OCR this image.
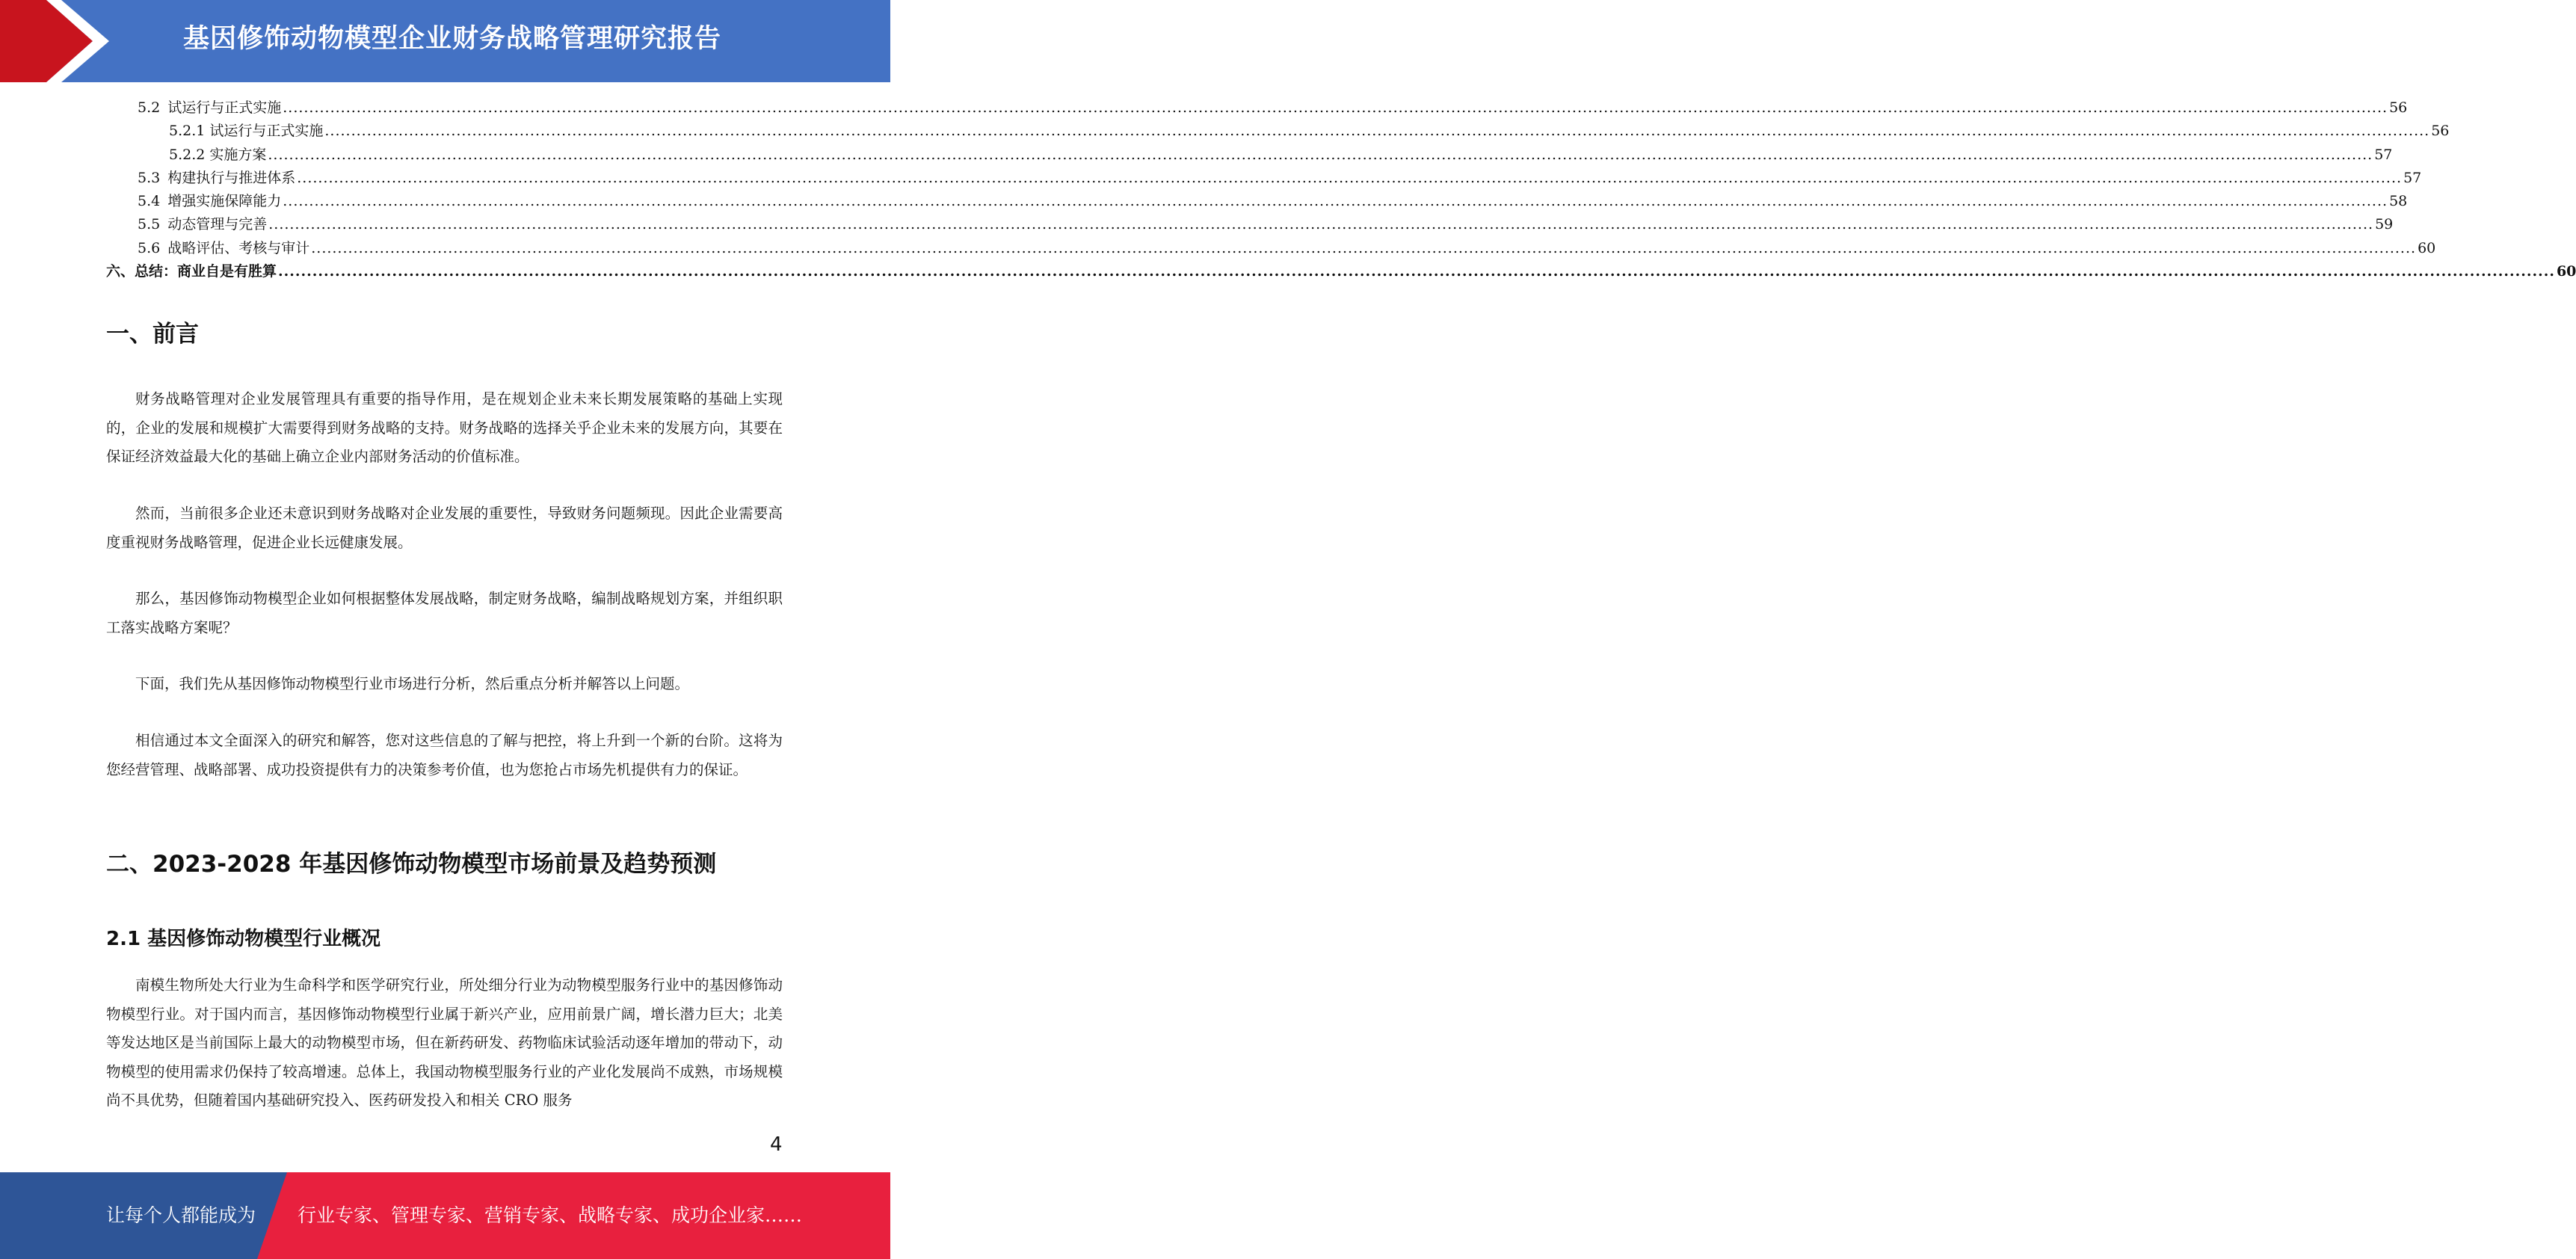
基因修饰动物模型企业财务战略管理研究报告
5.2 试运行与正式实施 ................................................................................................................................................................................................................................................................................................................................................................................................................ 56
5.2.1 试运行与正式实施 ................................................................................................................................................................................................................................................................................................................................................................................................................ 56
5.2.2 实施方案 ................................................................................................................................................................................................................................................................................................................................................................................................................ 57
5.3 构建执行与推进体系 ................................................................................................................................................................................................................................................................................................................................................................................................................ 57
5.4 增强实施保障能力 ................................................................................................................................................................................................................................................................................................................................................................................................................ 58
5.5 动态管理与完善 ................................................................................................................................................................................................................................................................................................................................................................................................................ 59
5.6 战略评估、考核与审计 ................................................................................................................................................................................................................................................................................................................................................................................................................ 60
六、 总结：商业自是有胜算 ................................................................................................................................................................................................................................................................................................................................................................................................................ 60
一、前言

财务战略管理对企业发展管理具有重要的指导作用，是在规划企业未来长期发展策略的基础上实现的，企业的发展和规模扩大需要得到财务战略的支持。财务战略的选择关乎企业未来的发展方向，其要在保证经济效益最大化的基础上确立企业内部财务活动的价值标准。

然而，当前很多企业还未意识到财务战略对企业发展的重要性，导致财务问题频现。因此企业需要高度重视财务战略管理，促进企业长远健康发展。

那么，基因修饰动物模型企业如何根据整体发展战略，制定财务战略，编制战略规划方案，并组织职工落实战略方案呢？

下面，我们先从基因修饰动物模型行业市场进行分析，然后重点分析并解答以上问题。

相信通过本文全面深入的研究和解答，您对这些信息的了解与把控，将上升到一个新的台阶。这将为您经营管理、战略部署、成功投资提供有力的决策参考价值，也为您抢占市场先机提供有力的保证。

二、2023-2028 年基因修饰动物模型市场前景及趋势预测
2.1 基因修饰动物模型行业概况

南模生物所处大行业为生命科学和医学研究行业，所处细分行业为动物模型服务行业中的基因修饰动物模型行业。对于国内而言，基因修饰动物模型行业属于新兴产业，应用前景广阔，增长潜力巨大；北美等发达地区是当前国际上最大的动物模型市场，但在新药研发、药物临床试验活动逐年增加的带动下，动物模型的使用需求仍保持了较高增速。总体上，我国动物模型服务行业的产业化发展尚不成熟，市场规模尚不具优势，但随着国内基础研究投入、医药研发投入和相关 CRO 服务

4
让每个人都能成为 行业专家、管理专家、营销专家、战略专家、成功企业家……
